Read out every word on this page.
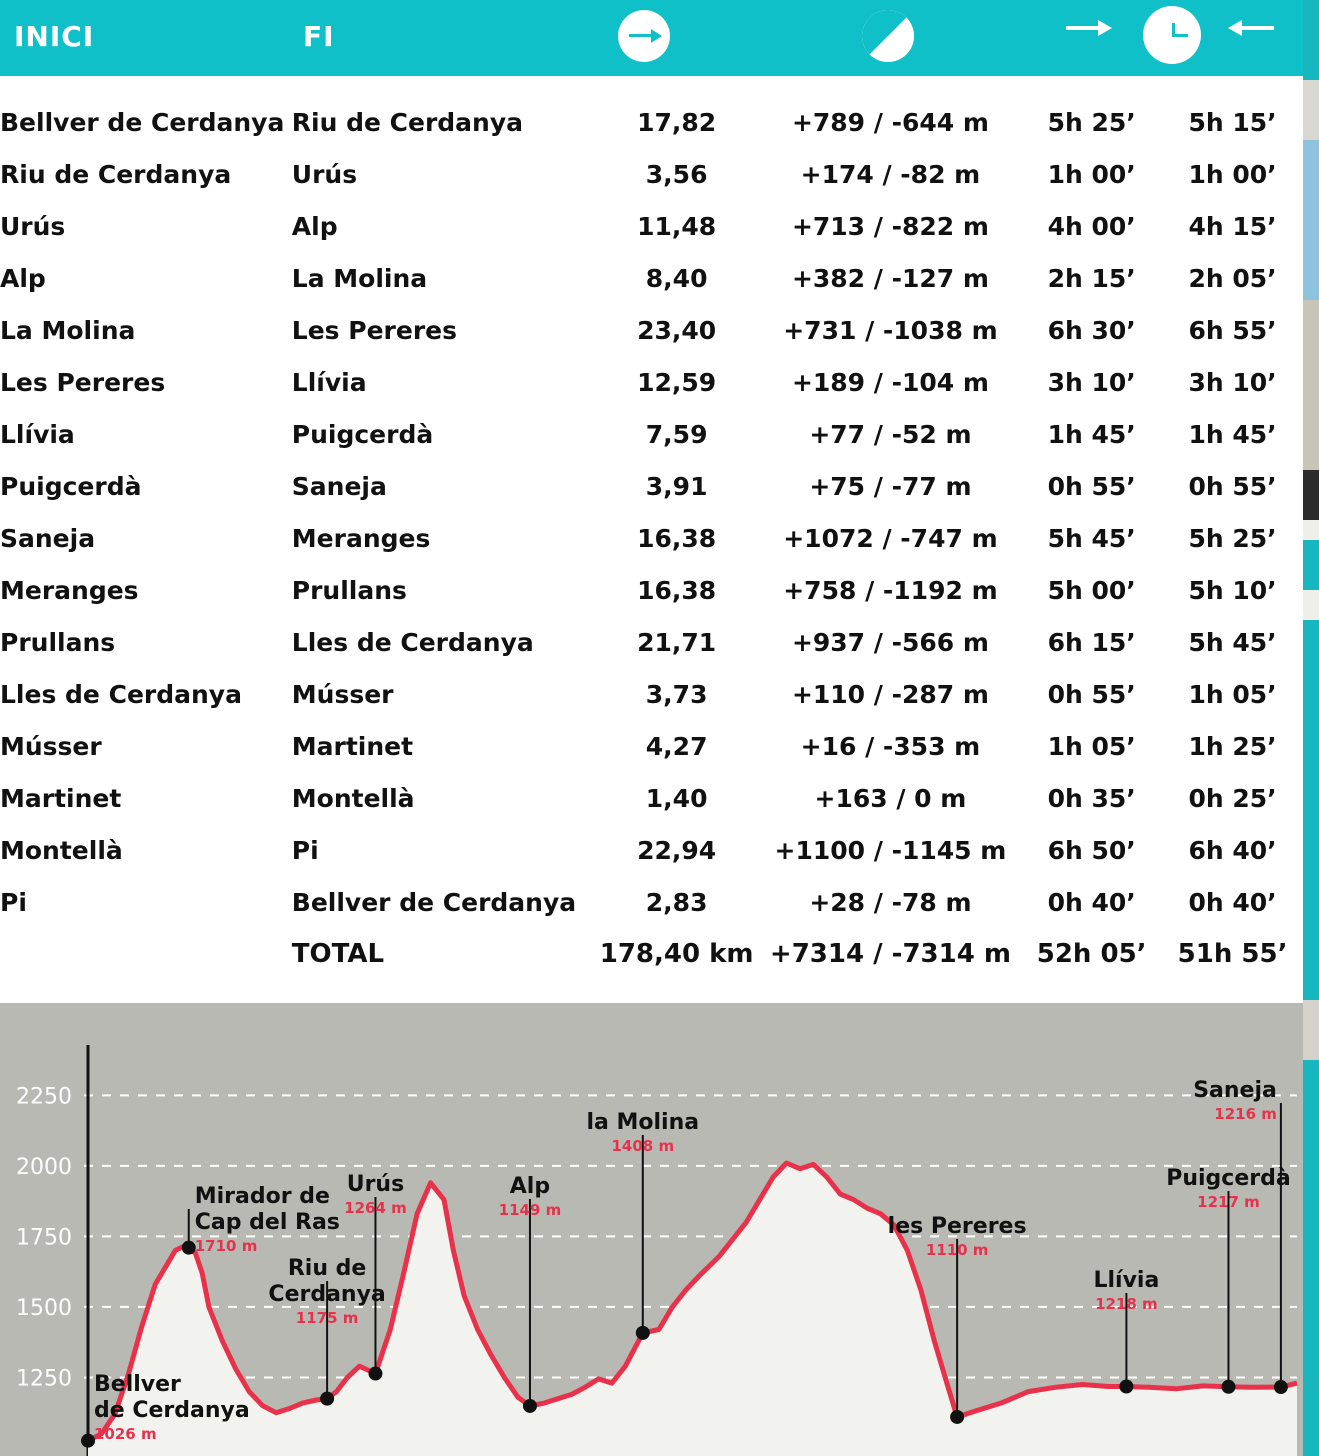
INICI	FI
Bellver de Cerdanya	Riu de Cerdanya	17,82	+789 / -644 m	5h 25’	5h 15’
Riu de Cerdanya	Urús	3,56	+174 / -82 m	1h 00’	1h 00’
Urús	Alp	11,48	+713 / -822 m	4h 00’	4h 15’
Alp	La Molina	8,40	+382 / -127 m	2h 15’	2h 05’
La Molina	Les Pereres	23,40	+731 / -1038 m	6h 30’	6h 55’
Les Pereres	Llívia	12,59	+189 / -104 m	3h 10’	3h 10’
Llívia	Puigcerdà	7,59	+77 / -52 m	1h 45’	1h 45’
Puigcerdà	Saneja	3,91	+75 / -77 m	0h 55’	0h 55’
Saneja	Meranges	16,38	+1072 / -747 m	5h 45’	5h 25’
Meranges	Prullans	16,38	+758 / -1192 m	5h 00’	5h 10’
Prullans	Lles de Cerdanya	21,71	+937 / -566 m	6h 15’	5h 45’
Lles de Cerdanya	Músser	3,73	+110 / -287 m	0h 55’	1h 05’
Músser	Martinet	4,27	+16 / -353 m	1h 05’	1h 25’
Martinet	Montellà	1,40	+163 / 0 m	0h 35’	0h 25’
Montellà	Pi	22,94	+1100 / -1145 m	6h 50’	6h 40’
Pi	Bellver de Cerdanya	2,83	+28 / -78 m	0h 40’	0h 40’
	TOTAL	178,40 km	+7314 / -7314 m	52h 05’	51h 55’
1250
1500
1750
2000
2250
Bellver
de Cerdanya
1026 m
Mirador de
Cap del Ras
1710 m
Riu de
Cerdanya
1175 m
Urús
1264 m
Alp
1149 m
la Molina
1408 m
les Pereres
1110 m
Llívia
1218 m
Puigcerdà
1217 m
Saneja
1216 m
